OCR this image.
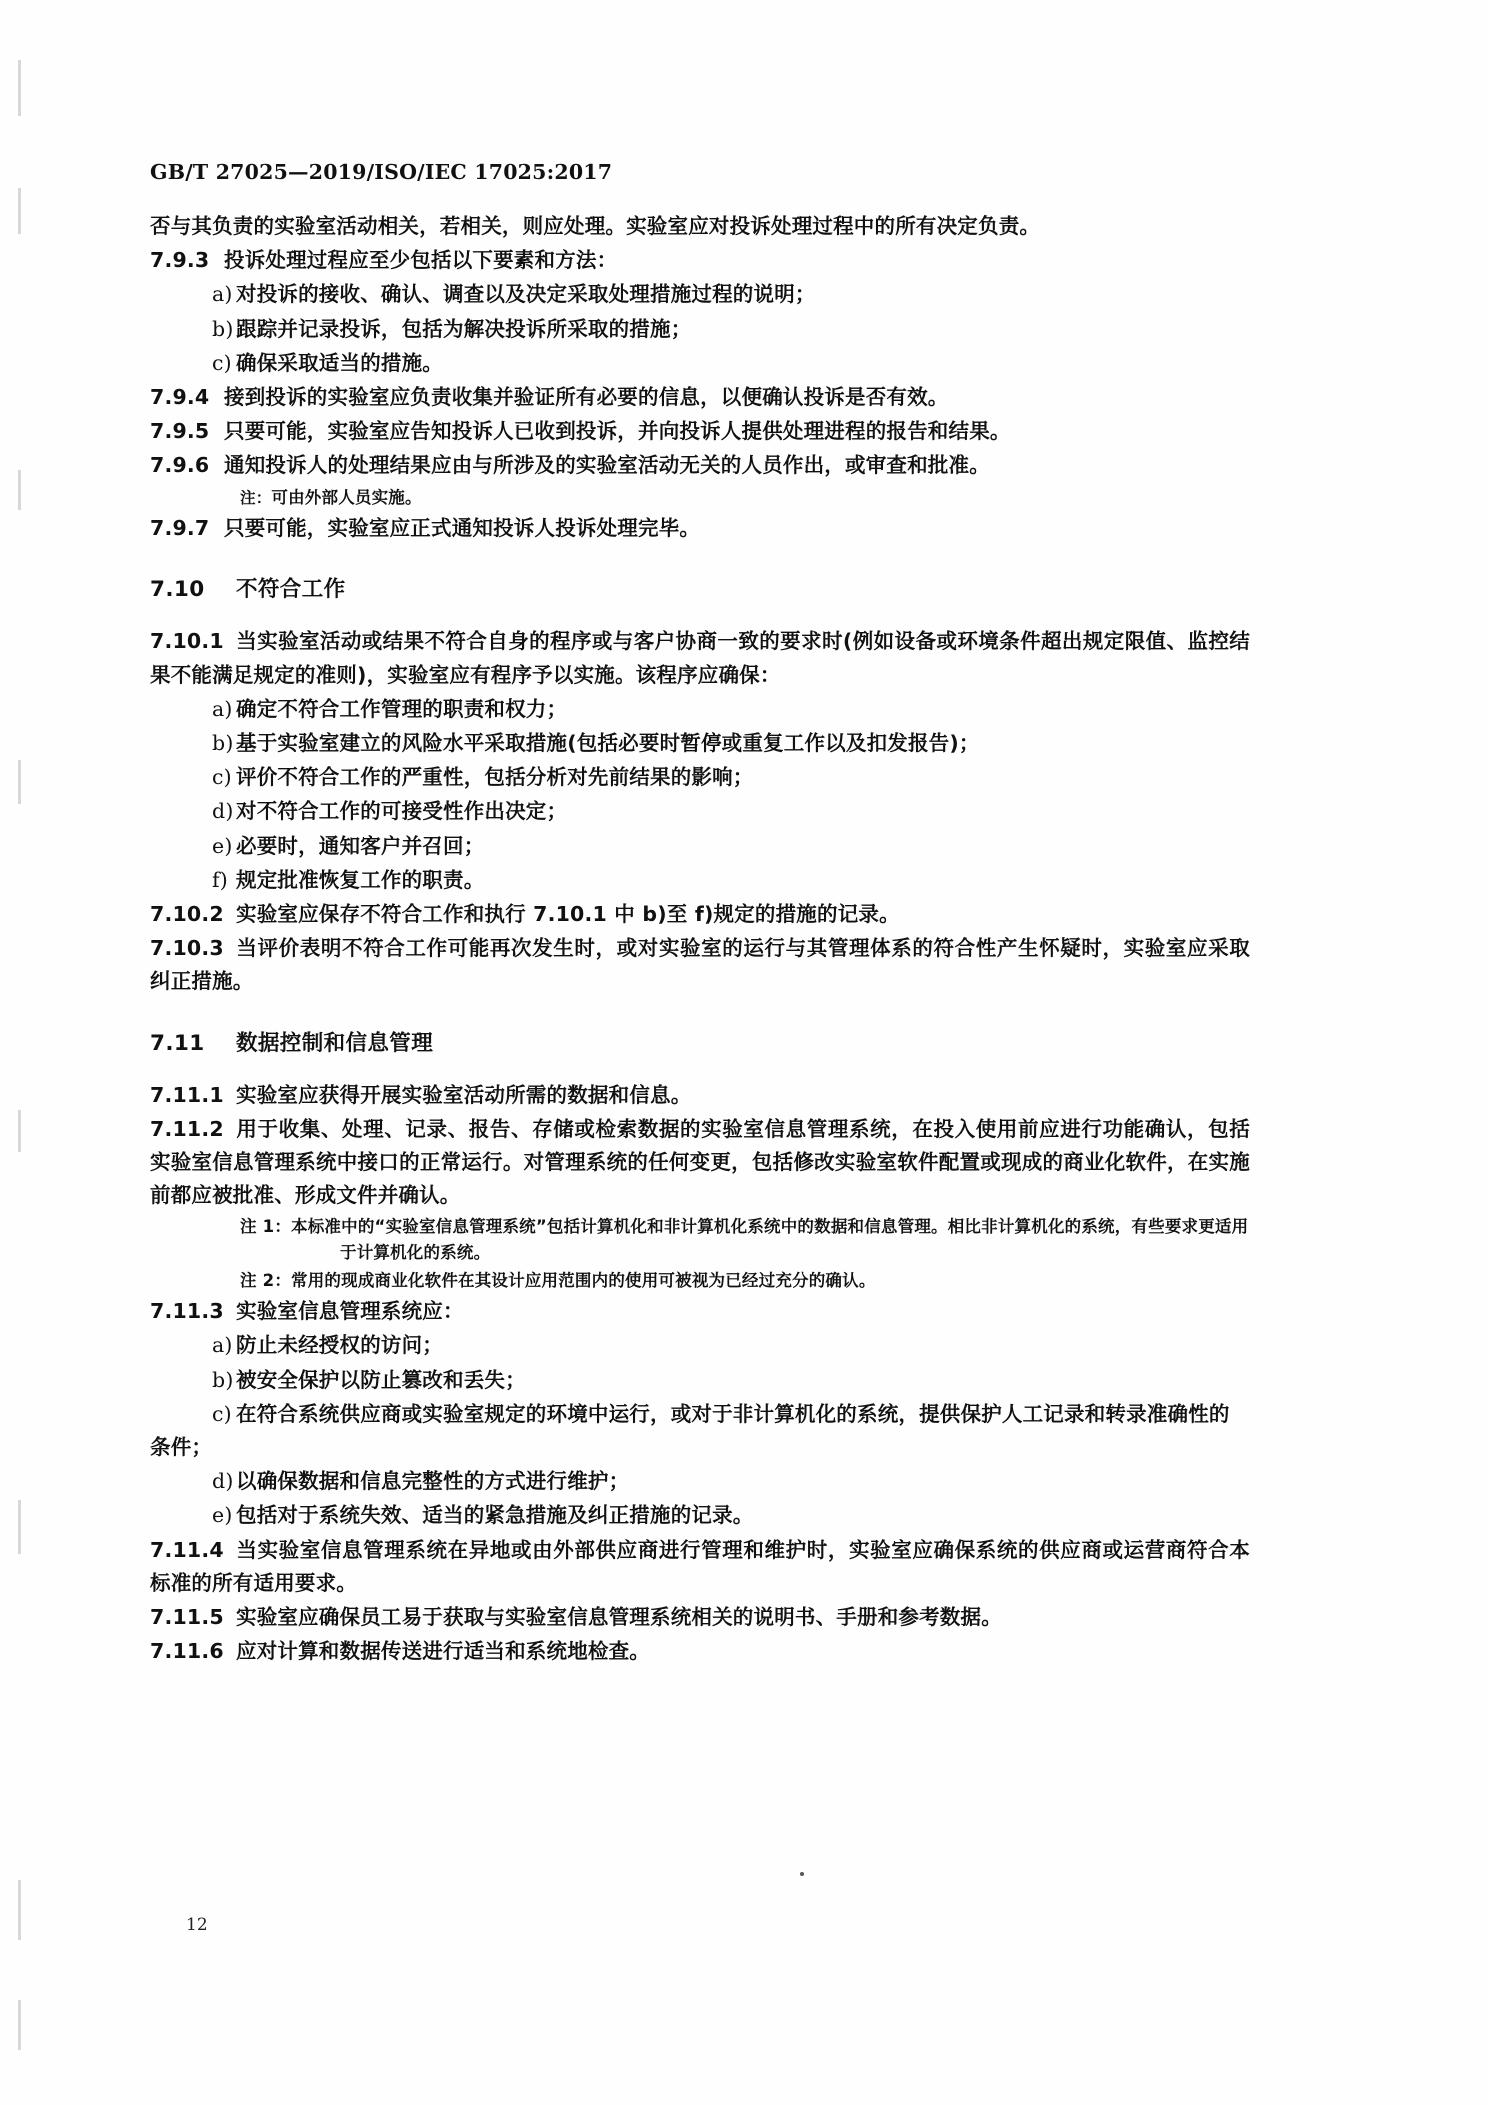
GB/T 27025—2019/ISO/IEC 17025:2017

否与其负责的实验室活动相关，若相关，则应处理。实验室应对投诉处理过程中的所有决定负责。

7.9.3 投诉处理过程应至少包括以下要素和方法：

a) 对投诉的接收、确认、调查以及决定采取处理措施过程的说明；

b) 跟踪并记录投诉，包括为解决投诉所采取的措施；

c) 确保采取适当的措施。

7.9.4 接到投诉的实验室应负责收集并验证所有必要的信息，以便确认投诉是否有效。

7.9.5 只要可能，实验室应告知投诉人已收到投诉，并向投诉人提供处理进程的报告和结果。

7.9.6 通知投诉人的处理结果应由与所涉及的实验室活动无关的人员作出，或审查和批准。

注：可由外部人员实施。

7.9.7 只要可能，实验室应正式通知投诉人投诉处理完毕。

7.10 不符合工作

7.10.1 当实验室活动或结果不符合自身的程序或与客户协商一致的要求时(例如设备或环境条件超出规定限值、监控结果不能满足规定的准则)，实验室应有程序予以实施。该程序应确保：

a) 确定不符合工作管理的职责和权力；

b) 基于实验室建立的风险水平采取措施(包括必要时暂停或重复工作以及扣发报告)；

c) 评价不符合工作的严重性，包括分析对先前结果的影响；

d) 对不符合工作的可接受性作出决定；

e) 必要时，通知客户并召回；

f) 规定批准恢复工作的职责。

7.10.2 实验室应保存不符合工作和执行 7.10.1 中 b)至 f)规定的措施的记录。

7.10.3 当评价表明不符合工作可能再次发生时，或对实验室的运行与其管理体系的符合性产生怀疑时，实验室应采取纠正措施。

7.11 数据控制和信息管理

7.11.1 实验室应获得开展实验室活动所需的数据和信息。

7.11.2 用于收集、处理、记录、报告、存储或检索数据的实验室信息管理系统，在投入使用前应进行功能确认，包括实验室信息管理系统中接口的正常运行。对管理系统的任何变更，包括修改实验室软件配置或现成的商业化软件，在实施前都应被批准、形成文件并确认。

注 1：本标准中的“实验室信息管理系统”包括计算机化和非计算机化系统中的数据和信息管理。相比非计算机化的系统，有些要求更适用于计算机化的系统。

注 2：常用的现成商业化软件在其设计应用范围内的使用可被视为已经过充分的确认。

7.11.3 实验室信息管理系统应：

a) 防止未经授权的访问；

b) 被安全保护以防止篡改和丢失；

c) 在符合系统供应商或实验室规定的环境中运行，或对于非计算机化的系统，提供保护人工记录和转录准确性的条件；

d) 以确保数据和信息完整性的方式进行维护；

e) 包括对于系统失效、适当的紧急措施及纠正措施的记录。

7.11.4 当实验室信息管理系统在异地或由外部供应商进行管理和维护时，实验室应确保系统的供应商或运营商符合本标准的所有适用要求。

7.11.5 实验室应确保员工易于获取与实验室信息管理系统相关的说明书、手册和参考数据。

7.11.6 应对计算和数据传送进行适当和系统地检查。

12
